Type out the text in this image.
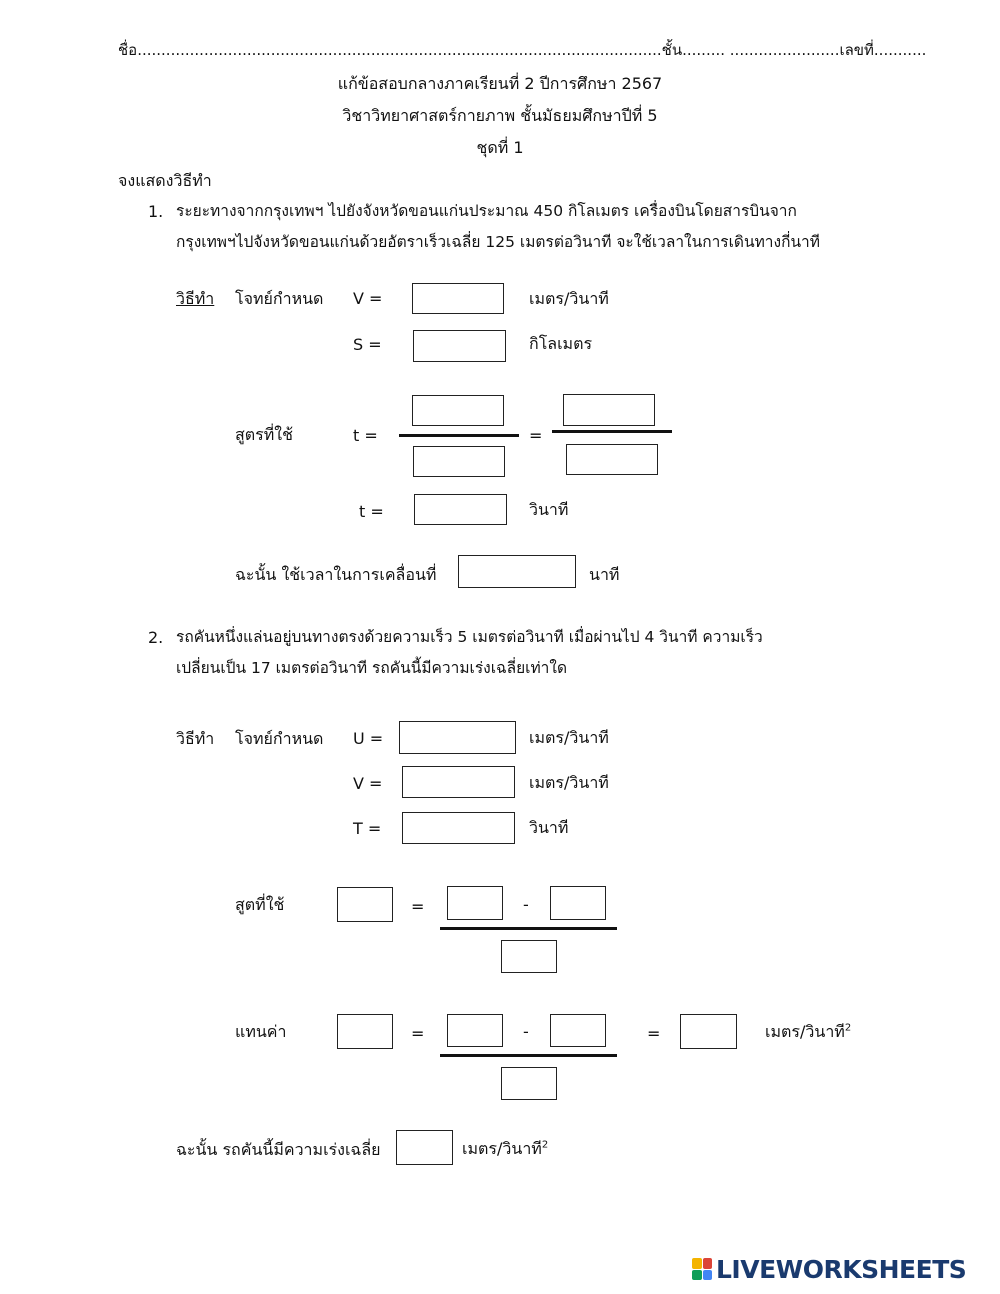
ชื่อ..............................................................................................................ชั้น......... .......................เลขที่...........
แก้ข้อสอบกลางภาคเรียนที่ 2 ปีการศึกษา 2567
วิชาวิทยาศาสตร์กายภาพ ชั้นมัธยมศึกษาปีที่ 5
ชุดที่ 1
จงแสดงวิธีทำ
1. ระยะทางจากกรุงเทพฯ ไปยังจังหวัดขอนแก่นประมาณ 450 กิโลเมตร เครื่องบินโดยสารบินจาก
กรุงเทพฯไปจังหวัดขอนแก่นด้วยอัตราเร็วเฉลี่ย 125 เมตรต่อวินาที จะใช้เวลาในการเดินทางกี่นาที
วิธีทำ โจทย์กำหนด V =	เมตร/วินาที
S =	กิโลเมตร
สูตรที่ใช้	t =	=
t =	วินาที
ฉะนั้น ใช้เวลาในการเคลื่อนที่	นาที
2. รถคันหนึ่งแล่นอยู่บนทางตรงด้วยความเร็ว 5 เมตรต่อวินาที เมื่อผ่านไป 4 วินาที ความเร็ว
เปลี่ยนเป็น 17 เมตรต่อวินาที รถคันนี้มีความเร่งเฉลี่ยเท่าใด
วิธีทำ โจทย์กำหนด U =	เมตร/วินาที
V =	เมตร/วินาที
T =	วินาที
สูตที่ใช้	=	-
แทนค่า	=	-	=	เมตร/วินาที$^2$
ฉะนั้น รถคันนี้มีความเร่งเฉลี่ย	เมตร/วินาที$^2$
LIVEWORKSHEETS
